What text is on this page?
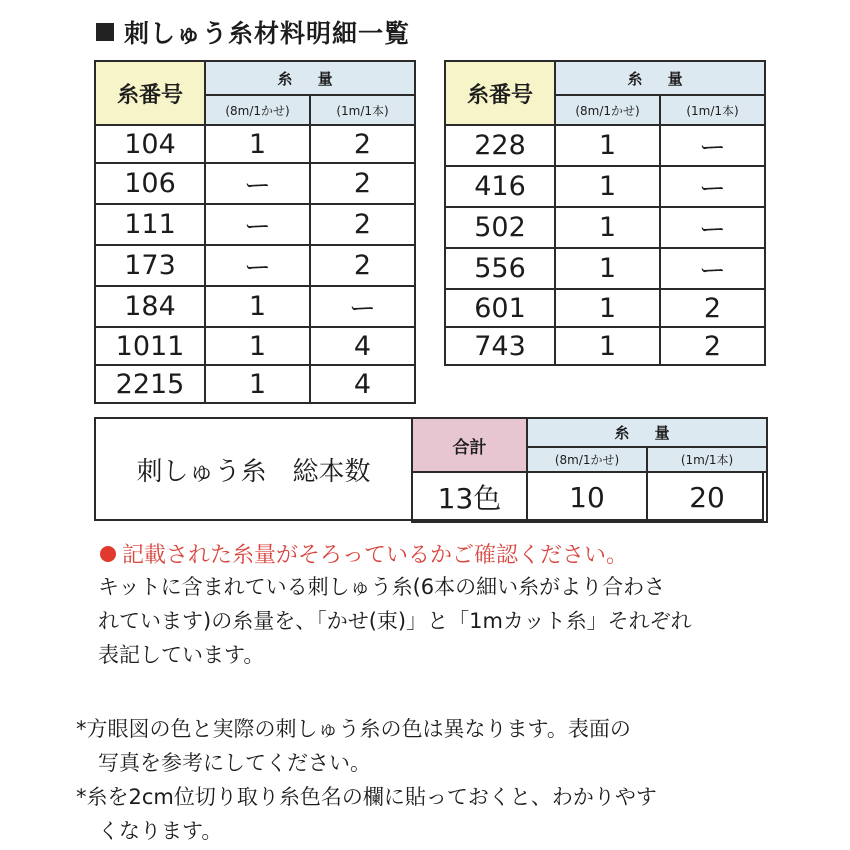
刺しゅう糸材料明細一覧
糸番号	糸 量	
	(8m/1かせ)	(1m/1本)
104	1	2
106	ー	2
111	ー	2
173	ー	2
184	1	ー
1011	1	4
2215	1	4
糸番号	糸 量	
	(8m/1かせ)	(1m/1本)
228	1	ー
416	1	ー
502	1	ー
556	1	ー
601	1	2
743	1	2
刺しゅう糸　総本数
合計	糸 量	
	(8m/1かせ)	(1m/1本)
13色	10	20
記載された糸量がそろっているかご確認ください。
キットに含まれている刺しゅう糸(6本の細い糸がより合わさ
れています)の糸量を、「かせ(束)」と「1mカット糸」それぞれ
表記しています。
*方眼図の色と実際の刺しゅう糸の色は異なります。表面の
写真を参考にしてください。
*糸を2cm位切り取り糸色名の欄に貼っておくと、わかりやす
くなります。
